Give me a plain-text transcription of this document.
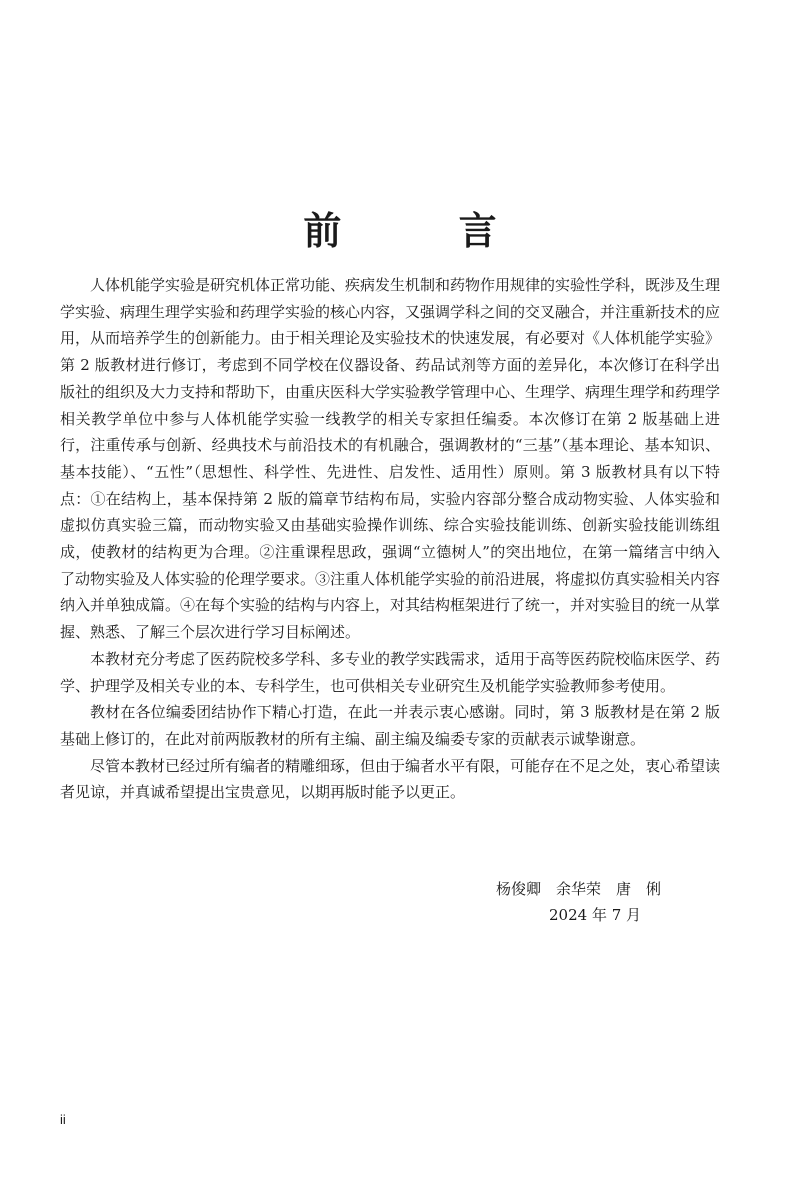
前 言

人体机能学实验是研究机体正常功能、疾病发生机制和药物作用规律的实验性学科，既涉及生理学实验、病理生理学实验和药理学实验的核心内容，又强调学科之间的交叉融合，并注重新技术的应用，从而培养学生的创新能力。由于相关理论及实验技术的快速发展，有必要对《人体机能学实验》第 2 版教材进行修订，考虑到不同学校在仪器设备、药品试剂等方面的差异化，本次修订在科学出版社的组织及大力支持和帮助下，由重庆医科大学实验教学管理中心、生理学、病理生理学和药理学相关教学单位中参与人体机能学实验一线教学的相关专家担任编委。本次修订在第 2 版基础上进行，注重传承与创新、经典技术与前沿技术的有机融合，强调教材的“三基”（基本理论、基本知识、基本技能）、“五性”（思想性、科学性、先进性、启发性、适用性）原则。第 3 版教材具有以下特点：①在结构上，基本保持第 2 版的篇章节结构布局，实验内容部分整合成动物实验、人体实验和虚拟仿真实验三篇，而动物实验又由基础实验操作训练、综合实验技能训练、创新实验技能训练组成，使教材的结构更为合理。②注重课程思政，强调“立德树人”的突出地位，在第一篇绪言中纳入了动物实验及人体实验的伦理学要求。③注重人体机能学实验的前沿进展，将虚拟仿真实验相关内容纳入并单独成篇。④在每个实验的结构与内容上，对其结构框架进行了统一，并对实验目的统一从掌握、熟悉、了解三个层次进行学习目标阐述。

本教材充分考虑了医药院校多学科、多专业的教学实践需求，适用于高等医药院校临床医学、药学、护理学及相关专业的本、专科学生，也可供相关专业研究生及机能学实验教师参考使用。

教材在各位编委团结协作下精心打造，在此一并表示衷心感谢。同时，第 3 版教材是在第 2 版基础上修订的，在此对前两版教材的所有主编、副主编及编委专家的贡献表示诚挚谢意。

尽管本教材已经过所有编者的精雕细琢，但由于编者水平有限，可能存在不足之处，衷心希望读者见谅，并真诚希望提出宝贵意见，以期再版时能予以更正。

杨俊卿　余华荣　唐　俐
2024 年 7 月
ii
